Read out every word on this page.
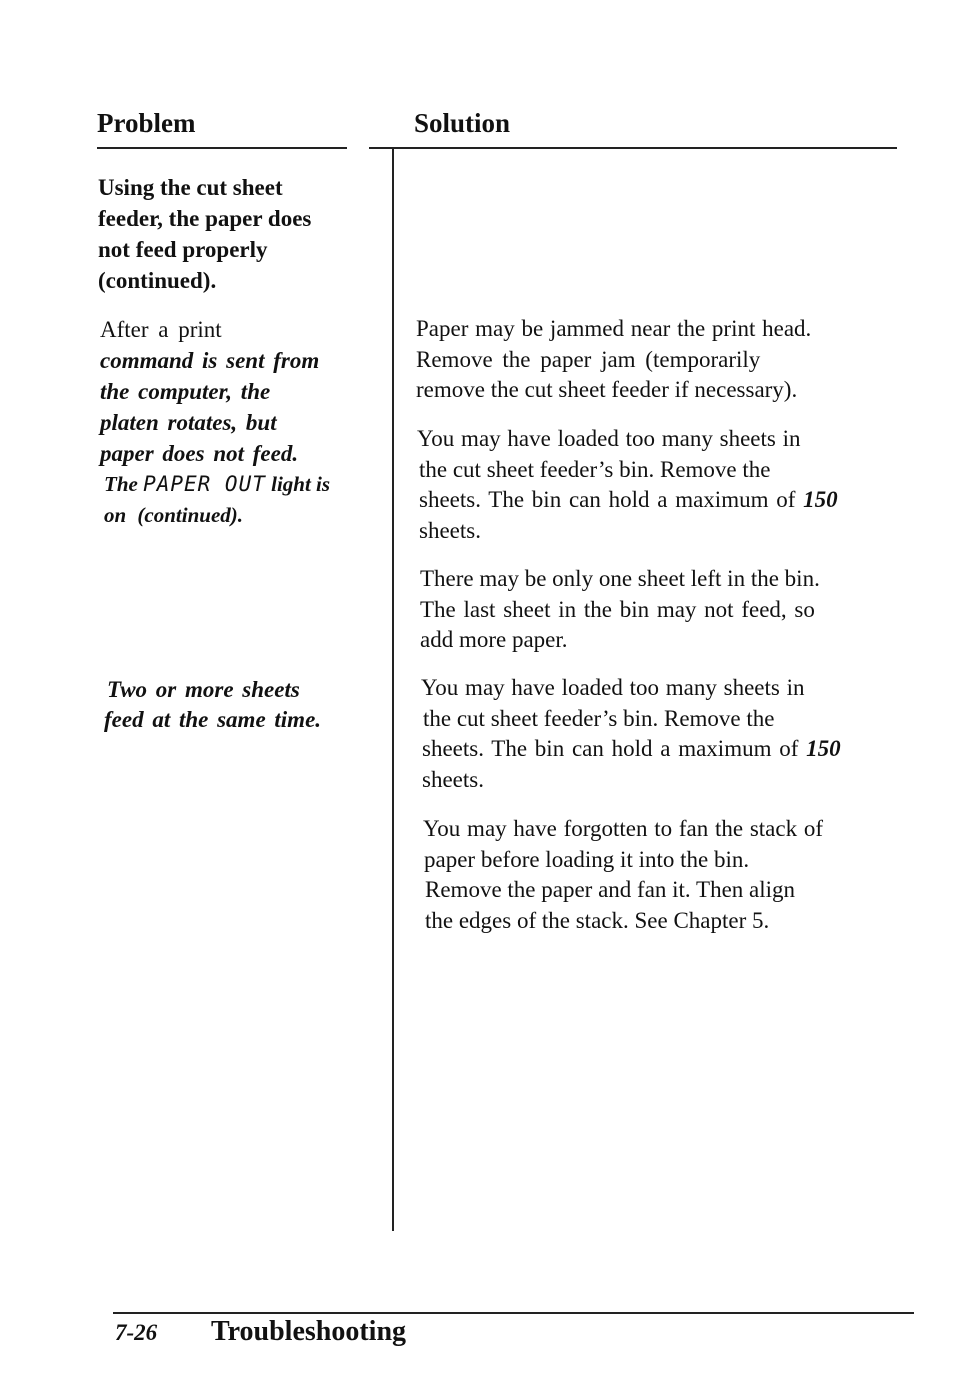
Problem	Solution
Using the cut sheet
feeder, the paper does
not feed properly
(continued).
After a print
command is sent from
the computer, the
platen rotates, but
paper does not feed.
The PAPER OUT light is
on (continued).
Two or more sheets
feed at the same time.
Paper may be jammed near the print head.
Remove the paper jam (temporarily
remove the cut sheet feeder if necessary).
You may have loaded too many sheets in
the cut sheet feeder’s bin. Remove the
sheets. The bin can hold a maximum of 150
sheets.
There may be only one sheet left in the bin.
The last sheet in the bin may not feed, so
add more paper.
You may have loaded too many sheets in
the cut sheet feeder’s bin. Remove the
sheets. The bin can hold a maximum of 150
sheets.
You may have forgotten to fan the stack of
paper before loading it into the bin.
Remove the paper and fan it. Then align
the edges of the stack. See Chapter 5.
7-26 Troubleshooting
